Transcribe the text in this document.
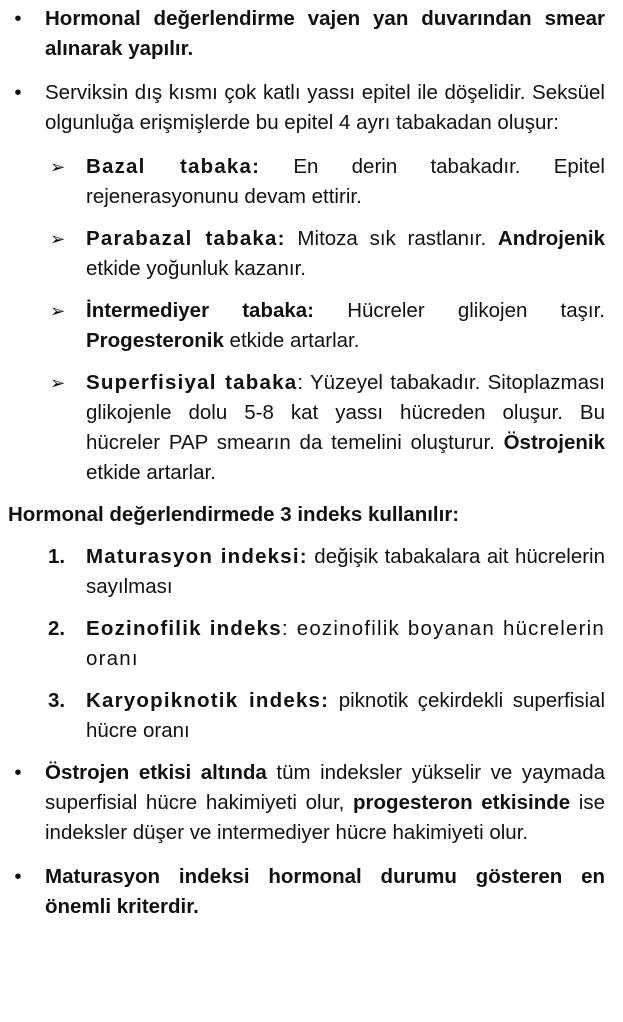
•	Hormonal değerlendirme vajen yan duvarından smear alınarak yapılır.
•	Serviksin dış kısmı çok katlı yassı epitel ile döşelidir. Seksüel olgunluğa erişmişlerde bu epitel 4 ayrı tabakadan oluşur:
➢ Bazal tabaka: En derin tabakadır. Epitel rejenerasyonunu devam ettirir.
➢ Parabazal tabaka: Mitoza sık rastlanır. Androjenik etkide yoğunluk kazanır.
➢ İntermediyer tabaka: Hücreler glikojen taşır. Progesteronik etkide artarlar.
➢ Superfisiyal tabaka: Yüzeyel tabakadır. Sitoplazması glikojenle dolu 5-8 kat yassı hücreden oluşur. Bu hücreler PAP smearın da temelini oluşturur. Östrojenik etkide artarlar.
Hormonal değerlendirmede 3 indeks kullanılır:
1. Maturasyon indeksi: değişik tabakalara ait hücrelerin sayılması
2. Eozinofilik indeks: eozinofilik boyanan hücrelerin oranı
3. Karyopiknotik indeks: piknotik çekirdekli superfisial hücre oranı
•	Östrojen etkisi altında tüm indeksler yükselir ve yaymada superfisial hücre hakimiyeti olur, progesteron etkisinde ise indeksler düşer ve intermediyer hücre hakimiyeti olur.
•	Maturasyon indeksi hormonal durumu gösteren en önemli kriterdir.
